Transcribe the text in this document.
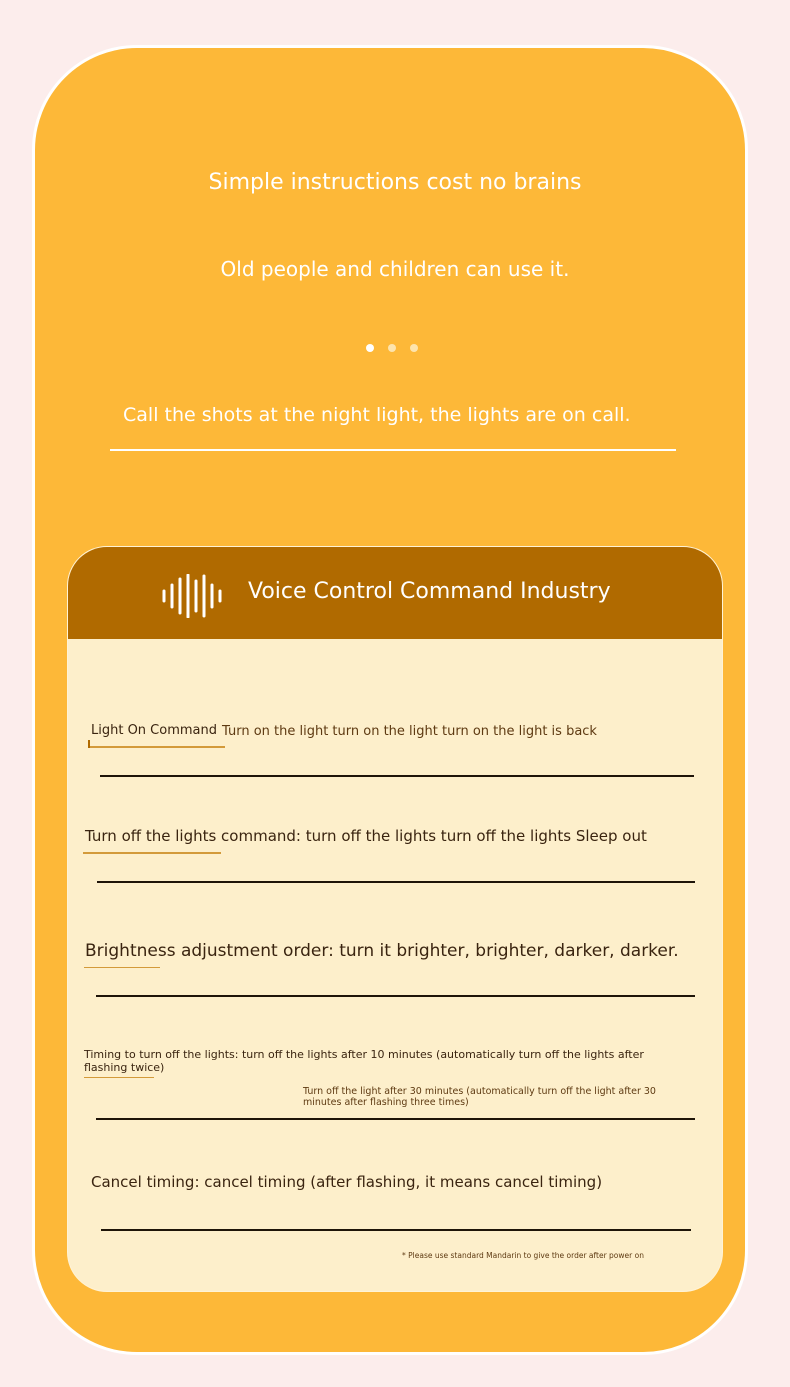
Simple instructions cost no brains
Old people and children can use it.
Call the shots at the night light, the lights are on call.
Voice Control Command Industry
Light On Command Turn on the light turn on the light turn on the light is back
Turn off the lights command: turn off the lights turn off the lights Sleep out
Brightness adjustment order: turn it brighter, brighter, darker, darker.
Timing to turn off the lights: turn off the lights after 10 minutes (automatically turn off the lights after flashing twice)
Turn off the light after 30 minutes (automatically turn off the light after 30 minutes after flashing three times)
Cancel timing: cancel timing (after flashing, it means cancel timing)
* Please use standard Mandarin to give the order after power on
